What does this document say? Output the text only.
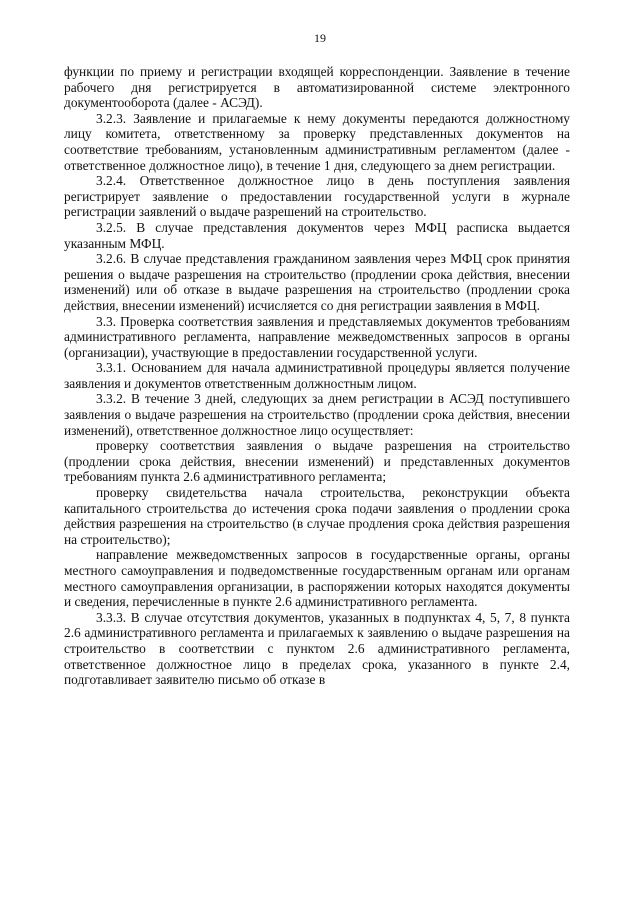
19

функции по приему и регистрации входящей корреспонденции. Заявление в течение рабочего дня регистрируется в автоматизированной системе электронного документооборота (далее - АСЭД).

3.2.3. Заявление и прилагаемые к нему документы передаются должностному лицу комитета, ответственному за проверку представленных документов на соответствие требованиям, установленным административным регламентом (далее - ответственное должностное лицо), в течение 1 дня, следующего за днем регистрации.

3.2.4. Ответственное должностное лицо в день поступления заявления регистрирует заявление о предоставлении государственной услуги в журнале регистрации заявлений о выдаче разрешений на строительство.

3.2.5. В случае представления документов через МФЦ расписка выдается указанным МФЦ.

3.2.6. В случае представления гражданином заявления через МФЦ срок принятия решения о выдаче разрешения на строительство (продлении срока действия, внесении изменений) или об отказе в выдаче разрешения на строительство (продлении срока действия, внесении изменений) исчисляется со дня регистрации заявления в МФЦ.

3.3. Проверка соответствия заявления и представляемых документов требованиям административного регламента, направление межведомственных запросов в органы (организации), участвующие в предоставлении государственной услуги.

3.3.1. Основанием для начала административной процедуры является получение заявления и документов ответственным должностным лицом.

3.3.2. В течение 3 дней, следующих за днем регистрации в АСЭД поступившего заявления о выдаче разрешения на строительство (продлении срока действия, внесении изменений), ответственное должностное лицо осуществляет:

проверку соответствия заявления о выдаче разрешения на строительство (продлении срока действия, внесении изменений) и представленных документов требованиям пункта 2.6 административного регламента;

проверку свидетельства начала строительства, реконструкции объекта капитального строительства до истечения срока подачи заявления о продлении срока действия разрешения на строительство (в случае продления срока действия разрешения на строительство);

направление межведомственных запросов в государственные органы, органы местного самоуправления и подведомственные государственным органам или органам местного самоуправления организации, в распоряжении которых находятся документы и сведения, перечисленные в пункте 2.6 административного регламента.

3.3.3. В случае отсутствия документов, указанных в подпунктах 4, 5, 7, 8 пункта 2.6 административного регламента и прилагаемых к заявлению о выдаче разрешения на строительство в соответствии с пунктом 2.6 административного регламента, ответственное должностное лицо в пределах срока, указанного в пункте 2.4, подготавливает заявителю письмо об отказе в
